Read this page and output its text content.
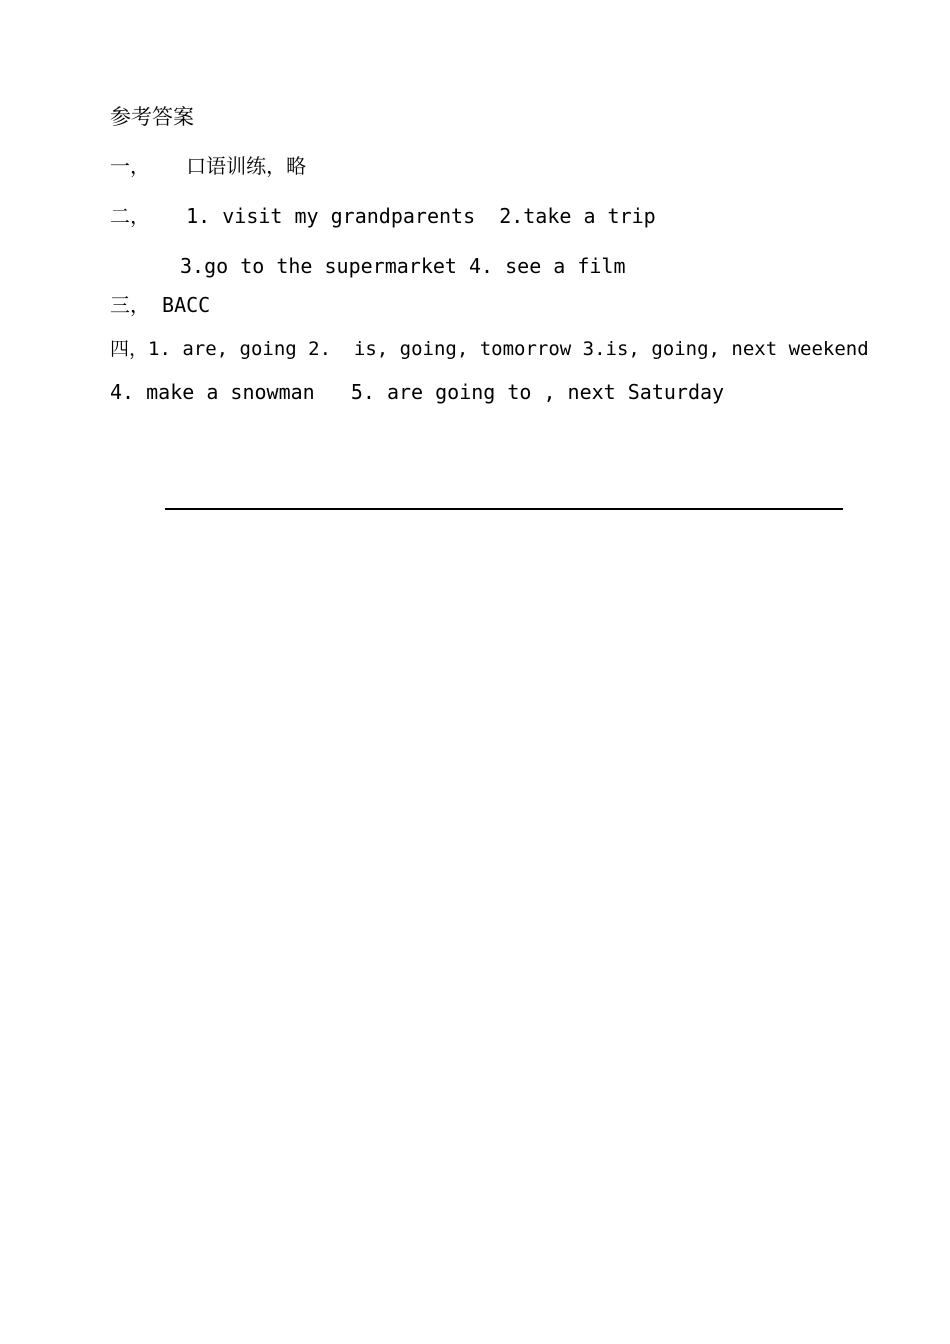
参考答案
一，   口语训练，略
二，   1. visit my grandparents  2.take a trip
3.go to the supermarket 4. see a film
三， BACC
四，1. are, going 2.  is, going, tomorrow 3.is, going, next weekend
4. make a snowman   5. are going to , next Saturday
